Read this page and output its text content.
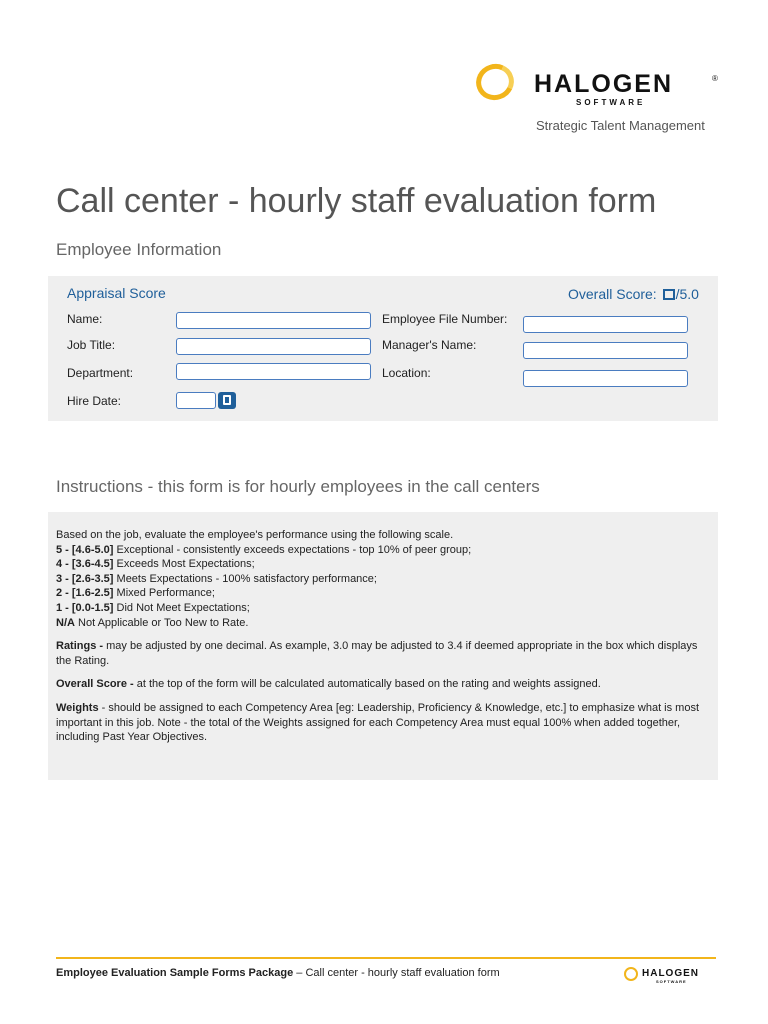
HALOGEN	®
SOFTWARE
Strategic Talent Management
Call center - hourly staff evaluation form
Employee Information
Appraisal Score	Overall Score: /5.0
Name:
Job Title:
Department:
Hire Date:
Employee File Number:
Manager's Name:
Location:
Instructions - this form is for hourly employees in the call centers

Based on the job, evaluate the employee's performance using the following scale.

5 - [4.6-5.0] Exceptional - consistently exceeds expectations - top 10% of peer group;

4 - [3.6-4.5] Exceeds Most Expectations;

3 - [2.6-3.5] Meets Expectations - 100% satisfactory performance;

2 - [1.6-2.5] Mixed Performance;

1 - [0.0-1.5] Did Not Meet Expectations;

N/A Not Applicable or Too New to Rate.

Ratings - may be adjusted by one decimal. As example, 3.0 may be adjusted to 3.4 if deemed appropriate in the box which displays the Rating.

Overall Score - at the top of the form will be calculated automatically based on the rating and weights assigned.

Weights - should be assigned to each Competency Area [eg: Leadership, Proficiency & Knowledge, etc.] to emphasize what is most important in this job. Note - the total of the Weights assigned for each Competency Area must equal 100% when added together, including Past Year Objectives.

Employee Evaluation Sample Forms Package – Call center - hourly staff evaluation form	HALOGEN
SOFTWARE
